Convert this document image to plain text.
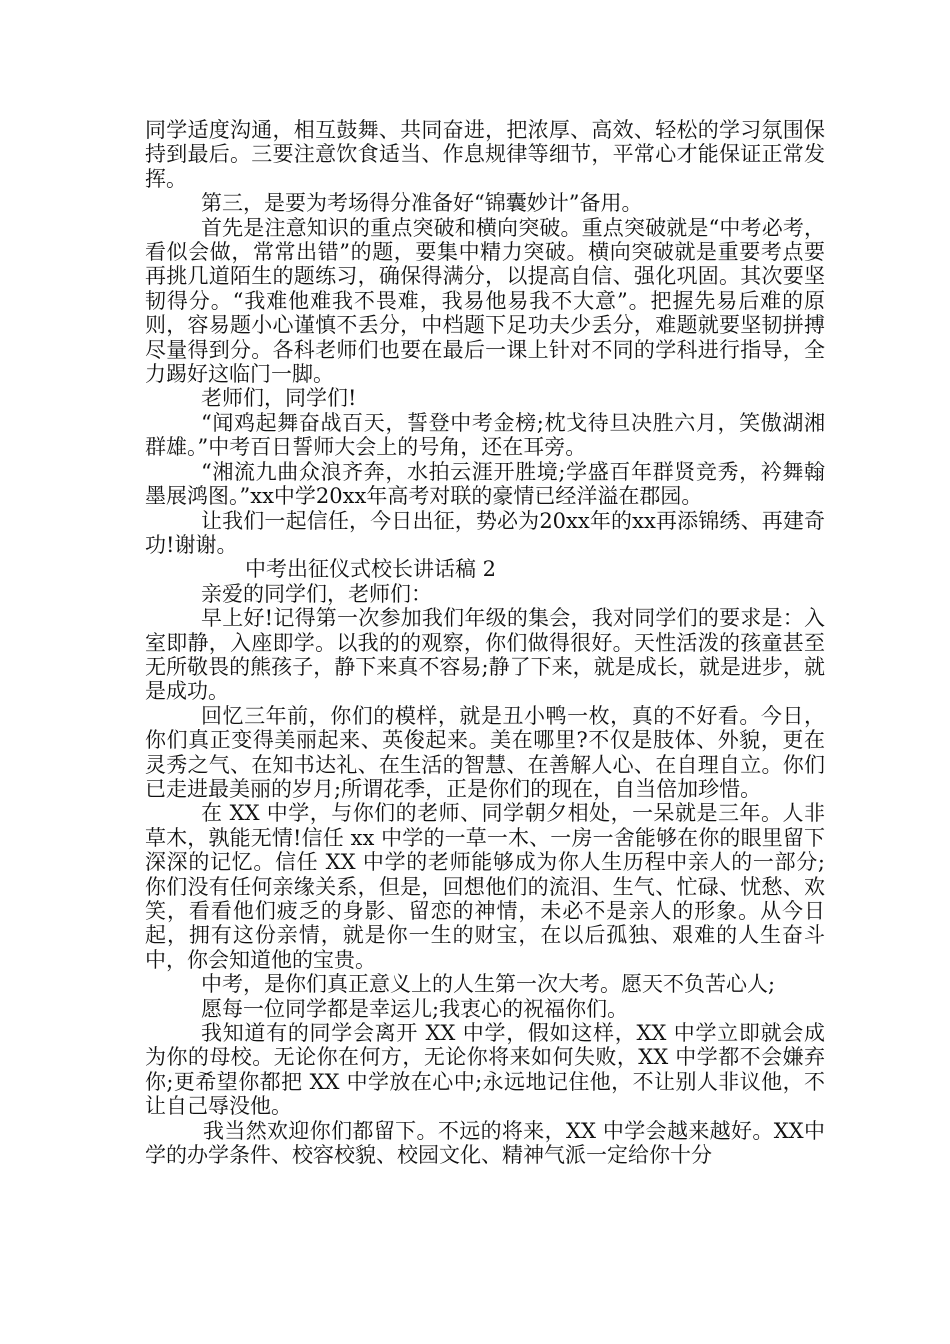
同学适度沟通，相互鼓舞、共同奋进，把浓厚、高效、轻松的学习氛围保持到最后。三要注意饮食适当、作息规律等细节，平常心才能保证正常发挥。

第三，是要为考场得分准备好“锦囊妙计”备用。

首先是注意知识的重点突破和横向突破。重点突破就是“中考必考，看似会做，常常出错”的题，要集中精力突破。横向突破就是重要考点要再挑几道陌生的题练习，确保得满分，以提高自信、强化巩固。其次要坚韧得分。“我难他难我不畏难，我易他易我不大意”。把握先易后难的原则，容易题小心谨慎不丢分，中档题下足功夫少丢分，难题就要坚韧拼搏尽量得到分。各科老师们也要在最后一课上针对不同的学科进行指导，全力踢好这临门一脚。

老师们，同学们!

“闻鸡起舞奋战百天，誓登中考金榜;枕戈待旦决胜六月，笑傲湖湘群雄。”中考百日誓师大会上的号角，还在耳旁。

“湘流九曲众浪齐奔，水拍云涯开胜境;学盛百年群贤竞秀，衿舞翰墨展鸿图。”xx中学20xx年高考对联的豪情已经洋溢在郡园。

让我们一起信任，今日出征，势必为20xx年的xx再添锦绣、再建奇功!谢谢。

中考出征仪式校长讲话稿 2

亲爱的同学们，老师们：

早上好!记得第一次参加我们年级的集会，我对同学们的要求是：入室即静，入座即学。以我的的观察，你们做得很好。天性活泼的孩童甚至无所敬畏的熊孩子，静下来真不容易;静了下来，就是成长，就是进步，就是成功。

回忆三年前，你们的模样，就是丑小鸭一枚，真的不好看。今日，你们真正变得美丽起来、英俊起来。美在哪里?不仅是肢体、外貌，更在灵秀之气、在知书达礼、在生活的智慧、在善解人心、在自理自立。你们已走进最美丽的岁月;所谓花季，正是你们的现在，自当倍加珍惜。

在 XX 中学，与你们的老师、同学朝夕相处，一呆就是三年。人非草木，孰能无情!信任 xx 中学的一草一木、一房一舍能够在你的眼里留下深深的记忆。信任 XX 中学的老师能够成为你人生历程中亲人的一部分;你们没有任何亲缘关系，但是，回想他们的流泪、生气、忙碌、忧愁、欢笑，看看他们疲乏的身影、留恋的神情，未必不是亲人的形象。从今日起，拥有这份亲情，就是你一生的财宝，在以后孤独、艰难的人生奋斗中，你会知道他的宝贵。

中考，是你们真正意义上的人生第一次大考。愿天不负苦心人;

愿每一位同学都是幸运儿;我衷心的祝福你们。

我知道有的同学会离开 XX 中学，假如这样，XX 中学立即就会成为你的母校。无论你在何方，无论你将来如何失败，XX 中学都不会嫌弃你;更希望你都把 XX 中学放在心中;永远地记住他，不让别人非议他，不让自己辱没他。

我当然欢迎你们都留下。不远的将来，XX 中学会越来越好。XX中学的办学条件、校容校貌、校园文化、精神气派一定给你十分
